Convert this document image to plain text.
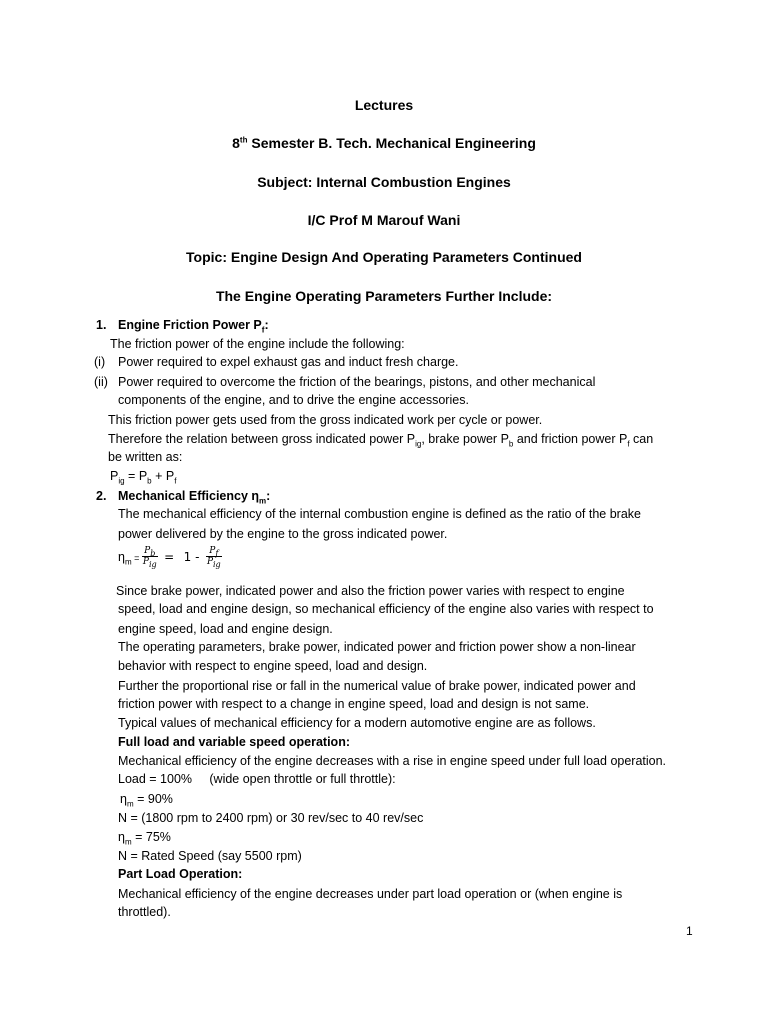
Lectures
8th Semester B. Tech. Mechanical Engineering
Subject: Internal Combustion Engines
I/C Prof M Marouf Wani
Topic: Engine Design And Operating Parameters Continued
The Engine Operating Parameters Further Include:
1. Engine Friction Power $P_f$:
The friction power of the engine include the following:
(i) Power required to expel exhaust gas and induct fresh charge.
(ii) Power required to overcome the friction of the bearings, pistons, and other mechanical
components of the engine, and to drive the engine accessories.
This friction power gets used from the gross indicated work per cycle or power.
Therefore the relation between gross indicated power $P_{ig}$, brake power $P_b$ and friction power $P_f$ can
be written as:
$P_{ig} = P_b + P_f$
2. Mechanical Efficiency $\eta_m$:
The mechanical efficiency of the internal combustion engine is defined as the ratio of the brake
power delivered by the engine to the gross indicated power.
$\eta_m = \frac{P_b}{P_{ig}} = 1 - \frac{P_f}{P_{ig}}$
Since brake power, indicated power and also the friction power varies with respect to engine
speed, load and engine design, so mechanical efficiency of the engine also varies with respect to
engine speed, load and engine design.
The operating parameters, brake power, indicated power and friction power show a non-linear
behavior with respect to engine speed, load and design.
Further the proportional rise or fall in the numerical value of brake power, indicated power and
friction power with respect to a change in engine speed, load and design is not same.
Typical values of mechanical efficiency for a modern automotive engine are as follows.
Full load and variable speed operation:
Mechanical efficiency of the engine decreases with a rise in engine speed under full load operation.
Load = 100%     (wide open throttle or full throttle):
$\eta_m = 90\%$
N = (1800 rpm to 2400 rpm) or 30 rev/sec to 40 rev/sec
$\eta_m = 75\%$
N = Rated Speed (say 5500 rpm)
Part Load Operation:
Mechanical efficiency of the engine decreases under part load operation or (when engine is
throttled).
1
